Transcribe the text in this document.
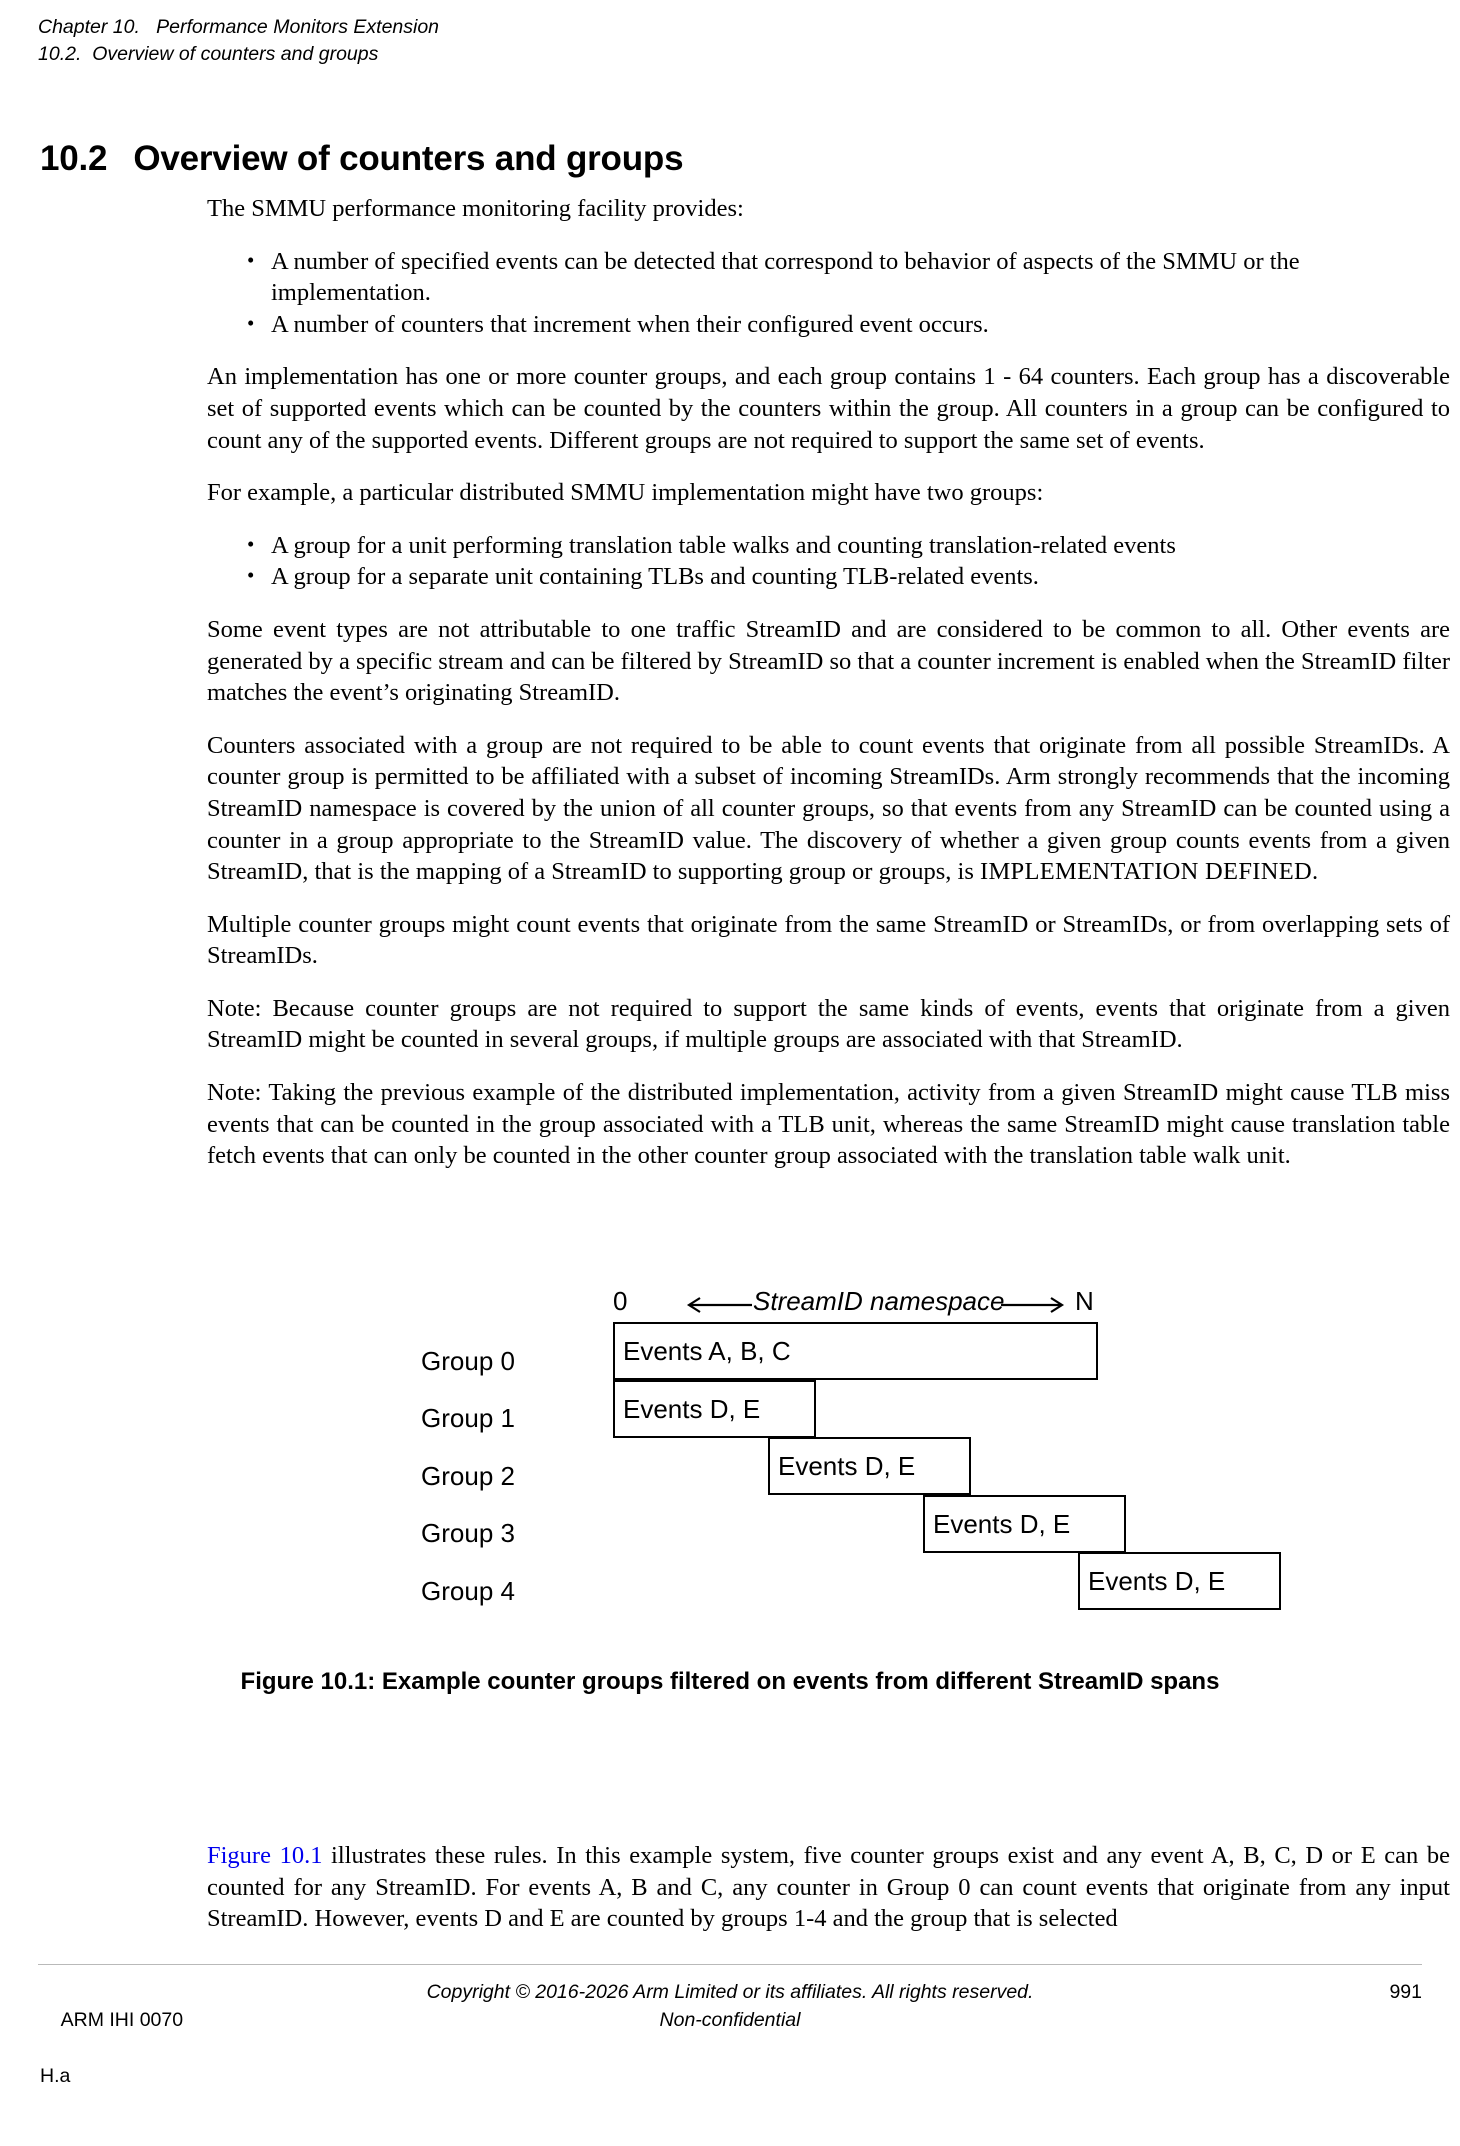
Chapter 10.   Performance Monitors Extension
10.2.  Overview of counters and groups
10.2 Overview of counters and groups

The SMMU performance monitoring facility provides:

• A number of specified events can be detected that correspond to behavior of aspects of the SMMU or the implementation.
• A number of counters that increment when their configured event occurs.

An implementation has one or more counter groups, and each group contains 1 - 64 counters. Each group has a discoverable set of supported events which can be counted by the counters within the group. All counters in a group can be configured to count any of the supported events. Different groups are not required to support the same set of events.

For example, a particular distributed SMMU implementation might have two groups:

• A group for a unit performing translation table walks and counting translation-related events
• A group for a separate unit containing TLBs and counting TLB-related events.

Some event types are not attributable to one traffic StreamID and are considered to be common to all. Other events are generated by a specific stream and can be filtered by StreamID so that a counter increment is enabled when the StreamID filter matches the event’s originating StreamID.

Counters associated with a group are not required to be able to count events that originate from all possible StreamIDs. A counter group is permitted to be affiliated with a subset of incoming StreamIDs. Arm strongly recommends that the incoming StreamID namespace is covered by the union of all counter groups, so that events from any StreamID can be counted using a counter in a group appropriate to the StreamID value. The discovery of whether a given group counts events from a given StreamID, that is the mapping of a StreamID to supporting group or groups, is IMPLEMENTATION DEFINED.

Multiple counter groups might count events that originate from the same StreamID or StreamIDs, or from overlapping sets of StreamIDs.

Note: Because counter groups are not required to support the same kinds of events, events that originate from a given StreamID might be counted in several groups, if multiple groups are associated with that StreamID.

Note: Taking the previous example of the distributed implementation, activity from a given StreamID might cause TLB miss events that can be counted in the group associated with a TLB unit, whereas the same StreamID might cause translation table fetch events that can only be counted in the other counter group associated with the translation table walk unit.

0	N
StreamID namespace
Group 0
Group 1
Group 2
Group 3
Group 4
Events A, B, C
Events D, E
Events D, E
Events D, E
Events D, E
Figure 10.1: Example counter groups filtered on events from different StreamID spans

Figure 10.1 illustrates these rules. In this example system, five counter groups exist and any event A, B, C, D or E can be counted for any StreamID. For events A, B and C, any counter in Group 0 can count events that originate from any input StreamID. However, events D and E are counted by groups 1-4 and the group that is selected

ARM IHI 0070

H.a

Copyright © 2016-2026 Arm Limited or its affiliates. All rights reserved.
Non-confidential
991
